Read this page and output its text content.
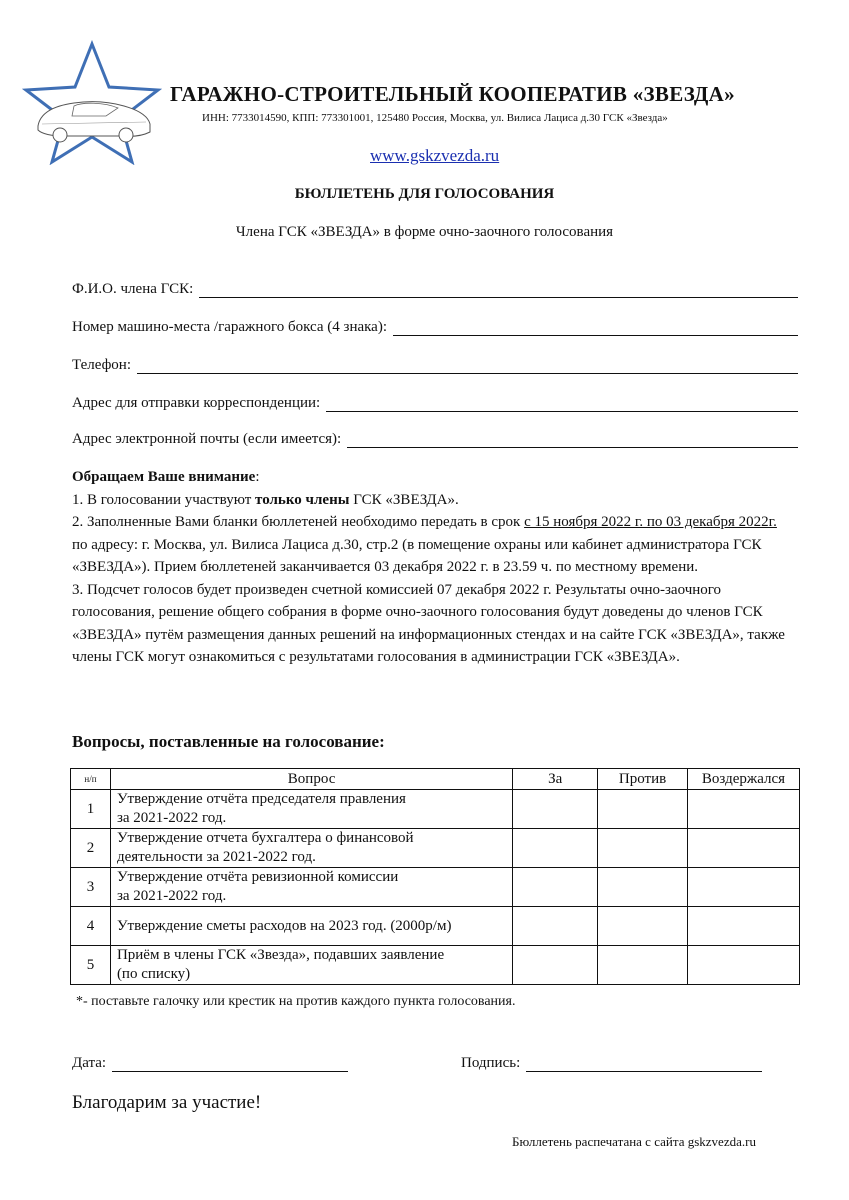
ГАРАЖНО-СТРОИТЕЛЬНЫЙ КООПЕРАТИВ «ЗВЕЗДА»
ИНН: 7733014590, КПП: 773301001, 125480 Россия, Москва, ул. Вилиса Лациса д.30 ГСК «Звезда»
www.gskzvezda.ru
БЮЛЛЕТЕНЬ ДЛЯ ГОЛОСОВАНИЯ
Члена ГСК «ЗВЕЗДА» в форме очно-заочного голосования
Ф.И.О. члена ГСК:
Номер машино-места /гаражного бокса (4 знака):
Телефон:
Адрес для отправки корреспонденции:
Адрес электронной почты (если имеется):

Обращаем Ваше внимание:

1. В голосовании участвуют только члены ГСК «ЗВЕЗДА».

2. Заполненные Вами бланки бюллетеней необходимо передать в срок с 15 ноября 2022 г. по 03 декабря 2022г. по адресу: г. Москва, ул. Вилиса Лациса д.30, стр.2 (в помещение охраны или кабинет администратора ГСК «ЗВЕЗДА»). Прием бюллетеней заканчивается 03 декабря 2022 г. в 23.59 ч. по местному времени.

3. Подсчет голосов будет произведен счетной комиссией 07 декабря 2022 г. Результаты очно-заочного голосования, решение общего собрания в форме очно-заочного голосования будут доведены до членов ГСК «ЗВЕЗДА» путём размещения данных решений на информационных стендах и на сайте ГСК «ЗВЕЗДА», также члены ГСК могут ознакомиться с результатами голосования в администрации ГСК «ЗВЕЗДА».

Вопросы, поставленные на голосование:
н/п	Вопрос	За	Против	Воздержался
1	Утверждение отчёта председателя правления
за 2021-2022 год.			
2	Утверждение отчета бухгалтера о финансовой
деятельности за 2021-2022 год.			
3	Утверждение отчёта ревизионной комиссии
за 2021-2022 год.			
4	Утверждение сметы расходов на 2023 год. (2000р/м)			
5	Приём в члены ГСК «Звезда», подавших заявление
(по списку)			
*- поставьте галочку или крестик на против каждого пункта голосования.
Дата:	Подпись:
Благодарим за участие!
Бюллетень распечатана с сайта gskzvezda.ru
